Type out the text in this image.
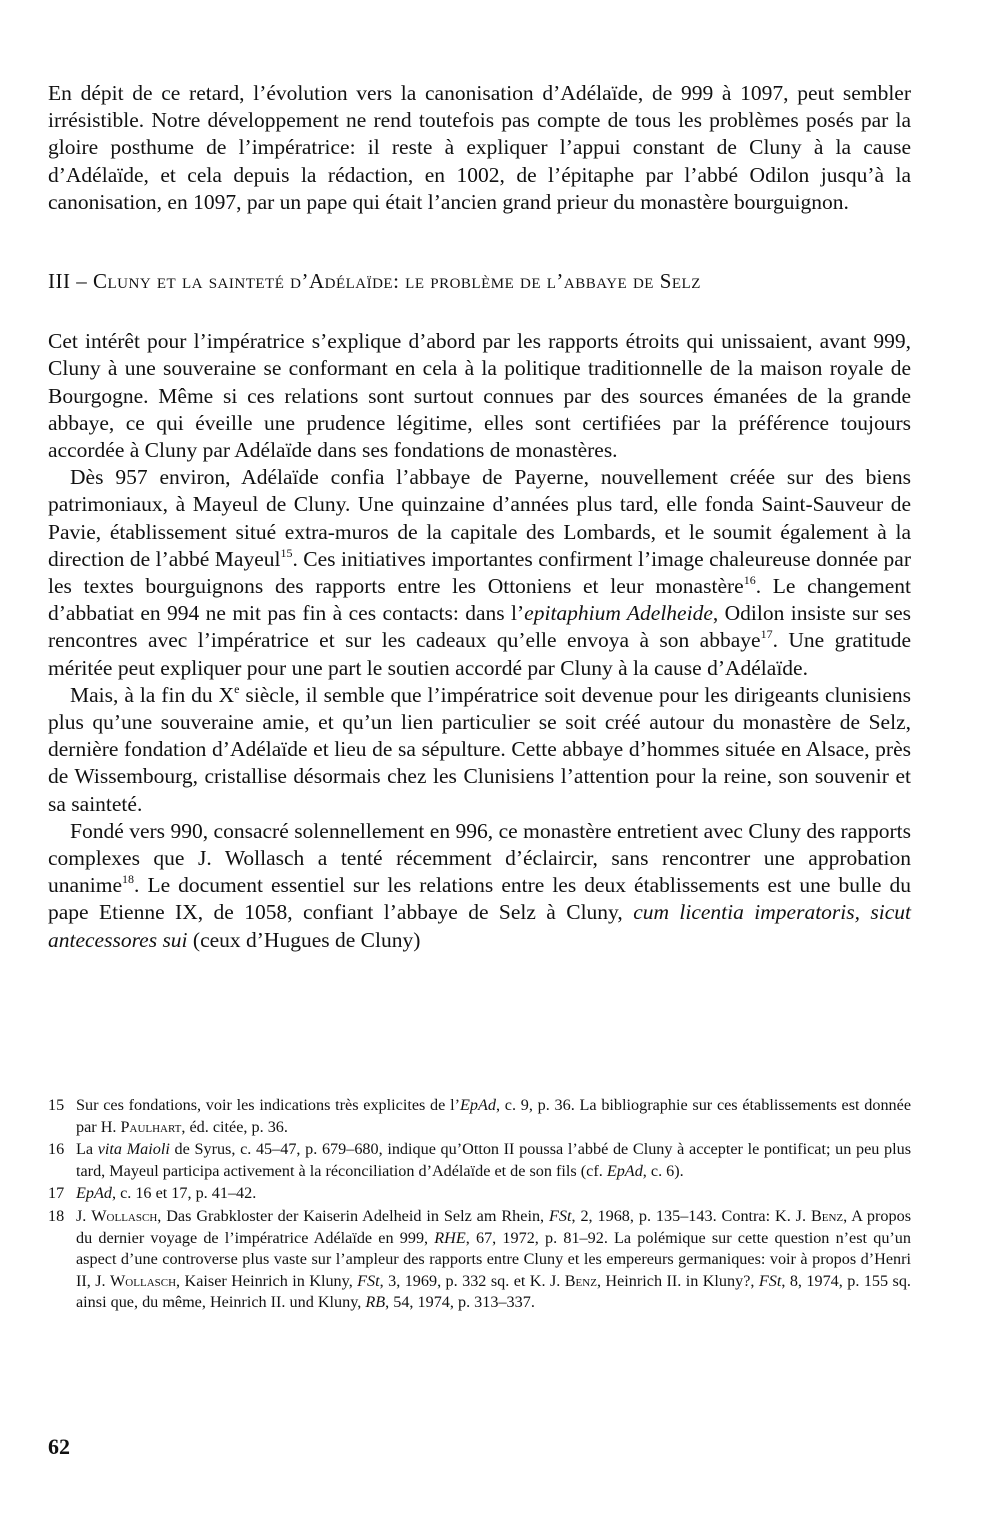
En dépit de ce retard, l’évolution vers la canonisation d’Adélaïde, de 999 à 1097, peut sembler irrésistible. Notre développement ne rend toutefois pas compte de tous les problèmes posés par la gloire posthume de l’impératrice: il reste à expliquer l’appui constant de Cluny à la cause d’Adélaïde, et cela depuis la rédaction, en 1002, de l’épitaphe par l’abbé Odilon jusqu’à la canonisation, en 1097, par un pape qui était l’ancien grand prieur du monastère bourguignon.

III – Cluny et la sainteté d’Adélaïde: le problème de l’abbaye de Selz

Cet intérêt pour l’impératrice s’explique d’abord par les rapports étroits qui unissaient, avant 999, Cluny à une souveraine se conformant en cela à la politique traditionnelle de la maison royale de Bourgogne. Même si ces relations sont surtout connues par des sources émanées de la grande abbaye, ce qui éveille une prudence légitime, elles sont certifiées par la préférence toujours accordée à Cluny par Adélaïde dans ses fondations de monastères.

Dès 957 environ, Adélaïde confia l’abbaye de Payerne, nouvellement créée sur des biens patrimoniaux, à Mayeul de Cluny. Une quinzaine d’années plus tard, elle fonda Saint-Sauveur de Pavie, établissement situé extra-muros de la capitale des Lombards, et le soumit également à la direction de l’abbé Mayeul$^{15}$. Ces initiatives importantes confirment l’image chaleureuse donnée par les textes bourguignons des rapports entre les Ottoniens et leur monastère$^{16}$. Le changement d’abbatiat en 994 ne mit pas fin à ces contacts: dans l’epitaphium Adelheide, Odilon insiste sur ses rencontres avec l’impératrice et sur les cadeaux qu’elle envoya à son abbaye$^{17}$. Une gratitude méritée peut expliquer pour une part le soutien accordé par Cluny à la cause d’Adélaïde.

Mais, à la fin du Xe siècle, il semble que l’impératrice soit devenue pour les dirigeants clunisiens plus qu’une souveraine amie, et qu’un lien particulier se soit créé autour du monastère de Selz, dernière fondation d’Adélaïde et lieu de sa sépulture. Cette abbaye d’hommes située en Alsace, près de Wissembourg, cristallise désormais chez les Clunisiens l’attention pour la reine, son souvenir et sa sainteté.

Fondé vers 990, consacré solennellement en 996, ce monastère entretient avec Cluny des rapports complexes que J. Wollasch a tenté récemment d’éclaircir, sans rencontrer une approbation unanime$^{18}$. Le document essentiel sur les relations entre les deux établissements est une bulle du pape Etienne IX, de 1058, confiant l’abbaye de Selz à Cluny, cum licentia imperatoris, sicut antecessores sui (ceux d’Hugues de Cluny)

15 Sur ces fondations, voir les indications très explicites de l’EpAd, c. 9, p. 36. La bibliographie sur ces établissements est donnée par H. Paulhart, éd. citée, p. 36.

16 La vita Maioli de Syrus, c. 45–47, p. 679–680, indique qu’Otton II poussa l’abbé de Cluny à accepter le pontificat; un peu plus tard, Mayeul participa activement à la réconciliation d’Adélaïde et de son fils (cf. EpAd, c. 6).

17 EpAd, c. 16 et 17, p. 41–42.

18 J. Wollasch, Das Grabkloster der Kaiserin Adelheid in Selz am Rhein, FSt, 2, 1968, p. 135–143. Contra: K. J. Benz, A propos du dernier voyage de l’impératrice Adélaïde en 999, RHE, 67, 1972, p. 81–92. La polémique sur cette question n’est qu’un aspect d’une controverse plus vaste sur l’ampleur des rapports entre Cluny et les empereurs germaniques: voir à propos d’Henri II, J. Wollasch, Kaiser Heinrich in Kluny, FSt, 3, 1969, p. 332 sq. et K. J. Benz, Heinrich II. in Kluny?, FSt, 8, 1974, p. 155 sq. ainsi que, du même, Heinrich II. und Kluny, RB, 54, 1974, p. 313–337.

62
